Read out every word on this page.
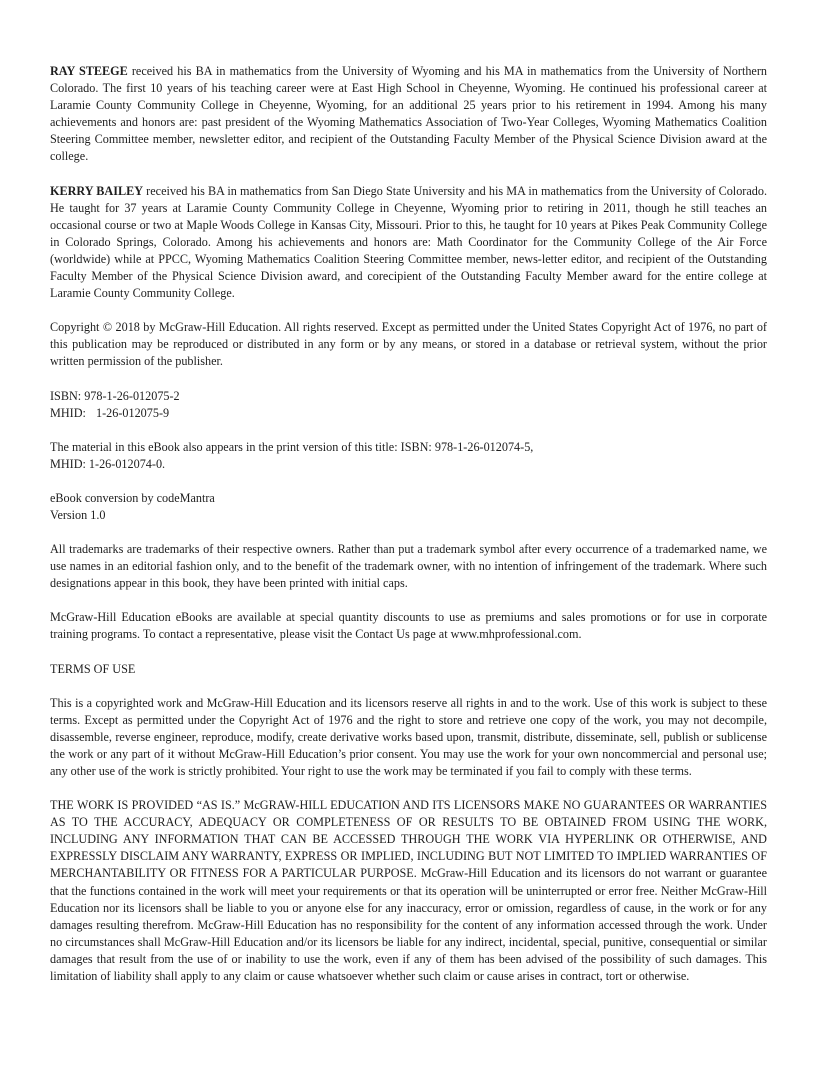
RAY STEEGE received his BA in mathematics from the University of Wyoming and his MA in mathematics from the University of Northern Colorado. The first 10 years of his teaching career were at East High School in Cheyenne, Wyoming. He continued his professional career at Laramie County Community College in Cheyenne, Wyoming, for an additional 25 years prior to his retirement in 1994. Among his many achievements and honors are: past president of the Wyoming Mathematics Association of Two-Year Colleges, Wyoming Mathematics Coalition Steering Committee member, newsletter editor, and recipient of the Outstanding Faculty Member of the Physical Science Division award at the college.

KERRY BAILEY received his BA in mathematics from San Diego State University and his MA in mathematics from the University of Colorado. He taught for 37 years at Laramie County Community College in Cheyenne, Wyoming prior to retiring in 2011, though he still teaches an occasional course or two at Maple Woods College in Kansas City, Missouri. Prior to this, he taught for 10 years at Pikes Peak Community College in Colorado Springs, Colorado. Among his achievements and honors are: Math Coordinator for the Community College of the Air Force (worldwide) while at PPCC, Wyoming Mathematics Coalition Steering Committee member, news-letter editor, and recipient of the Outstanding Faculty Member of the Physical Science Division award, and corecipient of the Outstanding Faculty Member award for the entire college at Laramie County Community College.

Copyright © 2018 by McGraw-Hill Education. All rights reserved. Except as permitted under the United States Copyright Act of 1976, no part of this publication may be reproduced or distributed in any form or by any means, or stored in a database or retrieval system, without the prior written permission of the publisher.

ISBN: 978-1-26-012075-2
MHID: 1-26-012075-9

The material in this eBook also appears in the print version of this title: ISBN: 978-1-26-012074-5,
MHID: 1-26-012074-0.

eBook conversion by codeMantra
Version 1.0

All trademarks are trademarks of their respective owners. Rather than put a trademark symbol after every occurrence of a trademarked name, we use names in an editorial fashion only, and to the benefit of the trademark owner, with no intention of infringement of the trademark. Where such designations appear in this book, they have been printed with initial caps.

McGraw-Hill Education eBooks are available at special quantity discounts to use as premiums and sales promotions or for use in corporate training programs. To contact a representative, please visit the Contact Us page at www.mhprofessional.com.

TERMS OF USE

This is a copyrighted work and McGraw-Hill Education and its licensors reserve all rights in and to the work. Use of this work is subject to these terms. Except as permitted under the Copyright Act of 1976 and the right to store and retrieve one copy of the work, you may not decompile, disassemble, reverse engineer, reproduce, modify, create derivative works based upon, transmit, distribute, disseminate, sell, publish or sublicense the work or any part of it without McGraw-Hill Education’s prior consent. You may use the work for your own noncommercial and personal use; any other use of the work is strictly prohibited. Your right to use the work may be terminated if you fail to comply with these terms.

THE WORK IS PROVIDED “AS IS.” McGRAW-HILL EDUCATION AND ITS LICENSORS MAKE NO GUARANTEES OR WARRANTIES AS TO THE ACCURACY, ADEQUACY OR COMPLETENESS OF OR RESULTS TO BE OBTAINED FROM USING THE WORK, INCLUDING ANY INFORMATION THAT CAN BE ACCESSED THROUGH THE WORK VIA HYPERLINK OR OTHERWISE, AND EXPRESSLY DISCLAIM ANY WARRANTY, EXPRESS OR IMPLIED, INCLUDING BUT NOT LIMITED TO IMPLIED WARRANTIES OF MERCHANTABILITY OR FITNESS FOR A PARTICULAR PURPOSE. McGraw-Hill Education and its licensors do not warrant or guarantee that the functions contained in the work will meet your requirements or that its operation will be uninterrupted or error free. Neither McGraw-Hill Education nor its licensors shall be liable to you or anyone else for any inaccuracy, error or omission, regardless of cause, in the work or for any damages resulting therefrom. McGraw-Hill Education has no responsibility for the content of any information accessed through the work. Under no circumstances shall McGraw-Hill Education and/or its licensors be liable for any indirect, incidental, special, punitive, consequential or similar damages that result from the use of or inability to use the work, even if any of them has been advised of the possibility of such damages. This limitation of liability shall apply to any claim or cause whatsoever whether such claim or cause arises in contract, tort or otherwise.
